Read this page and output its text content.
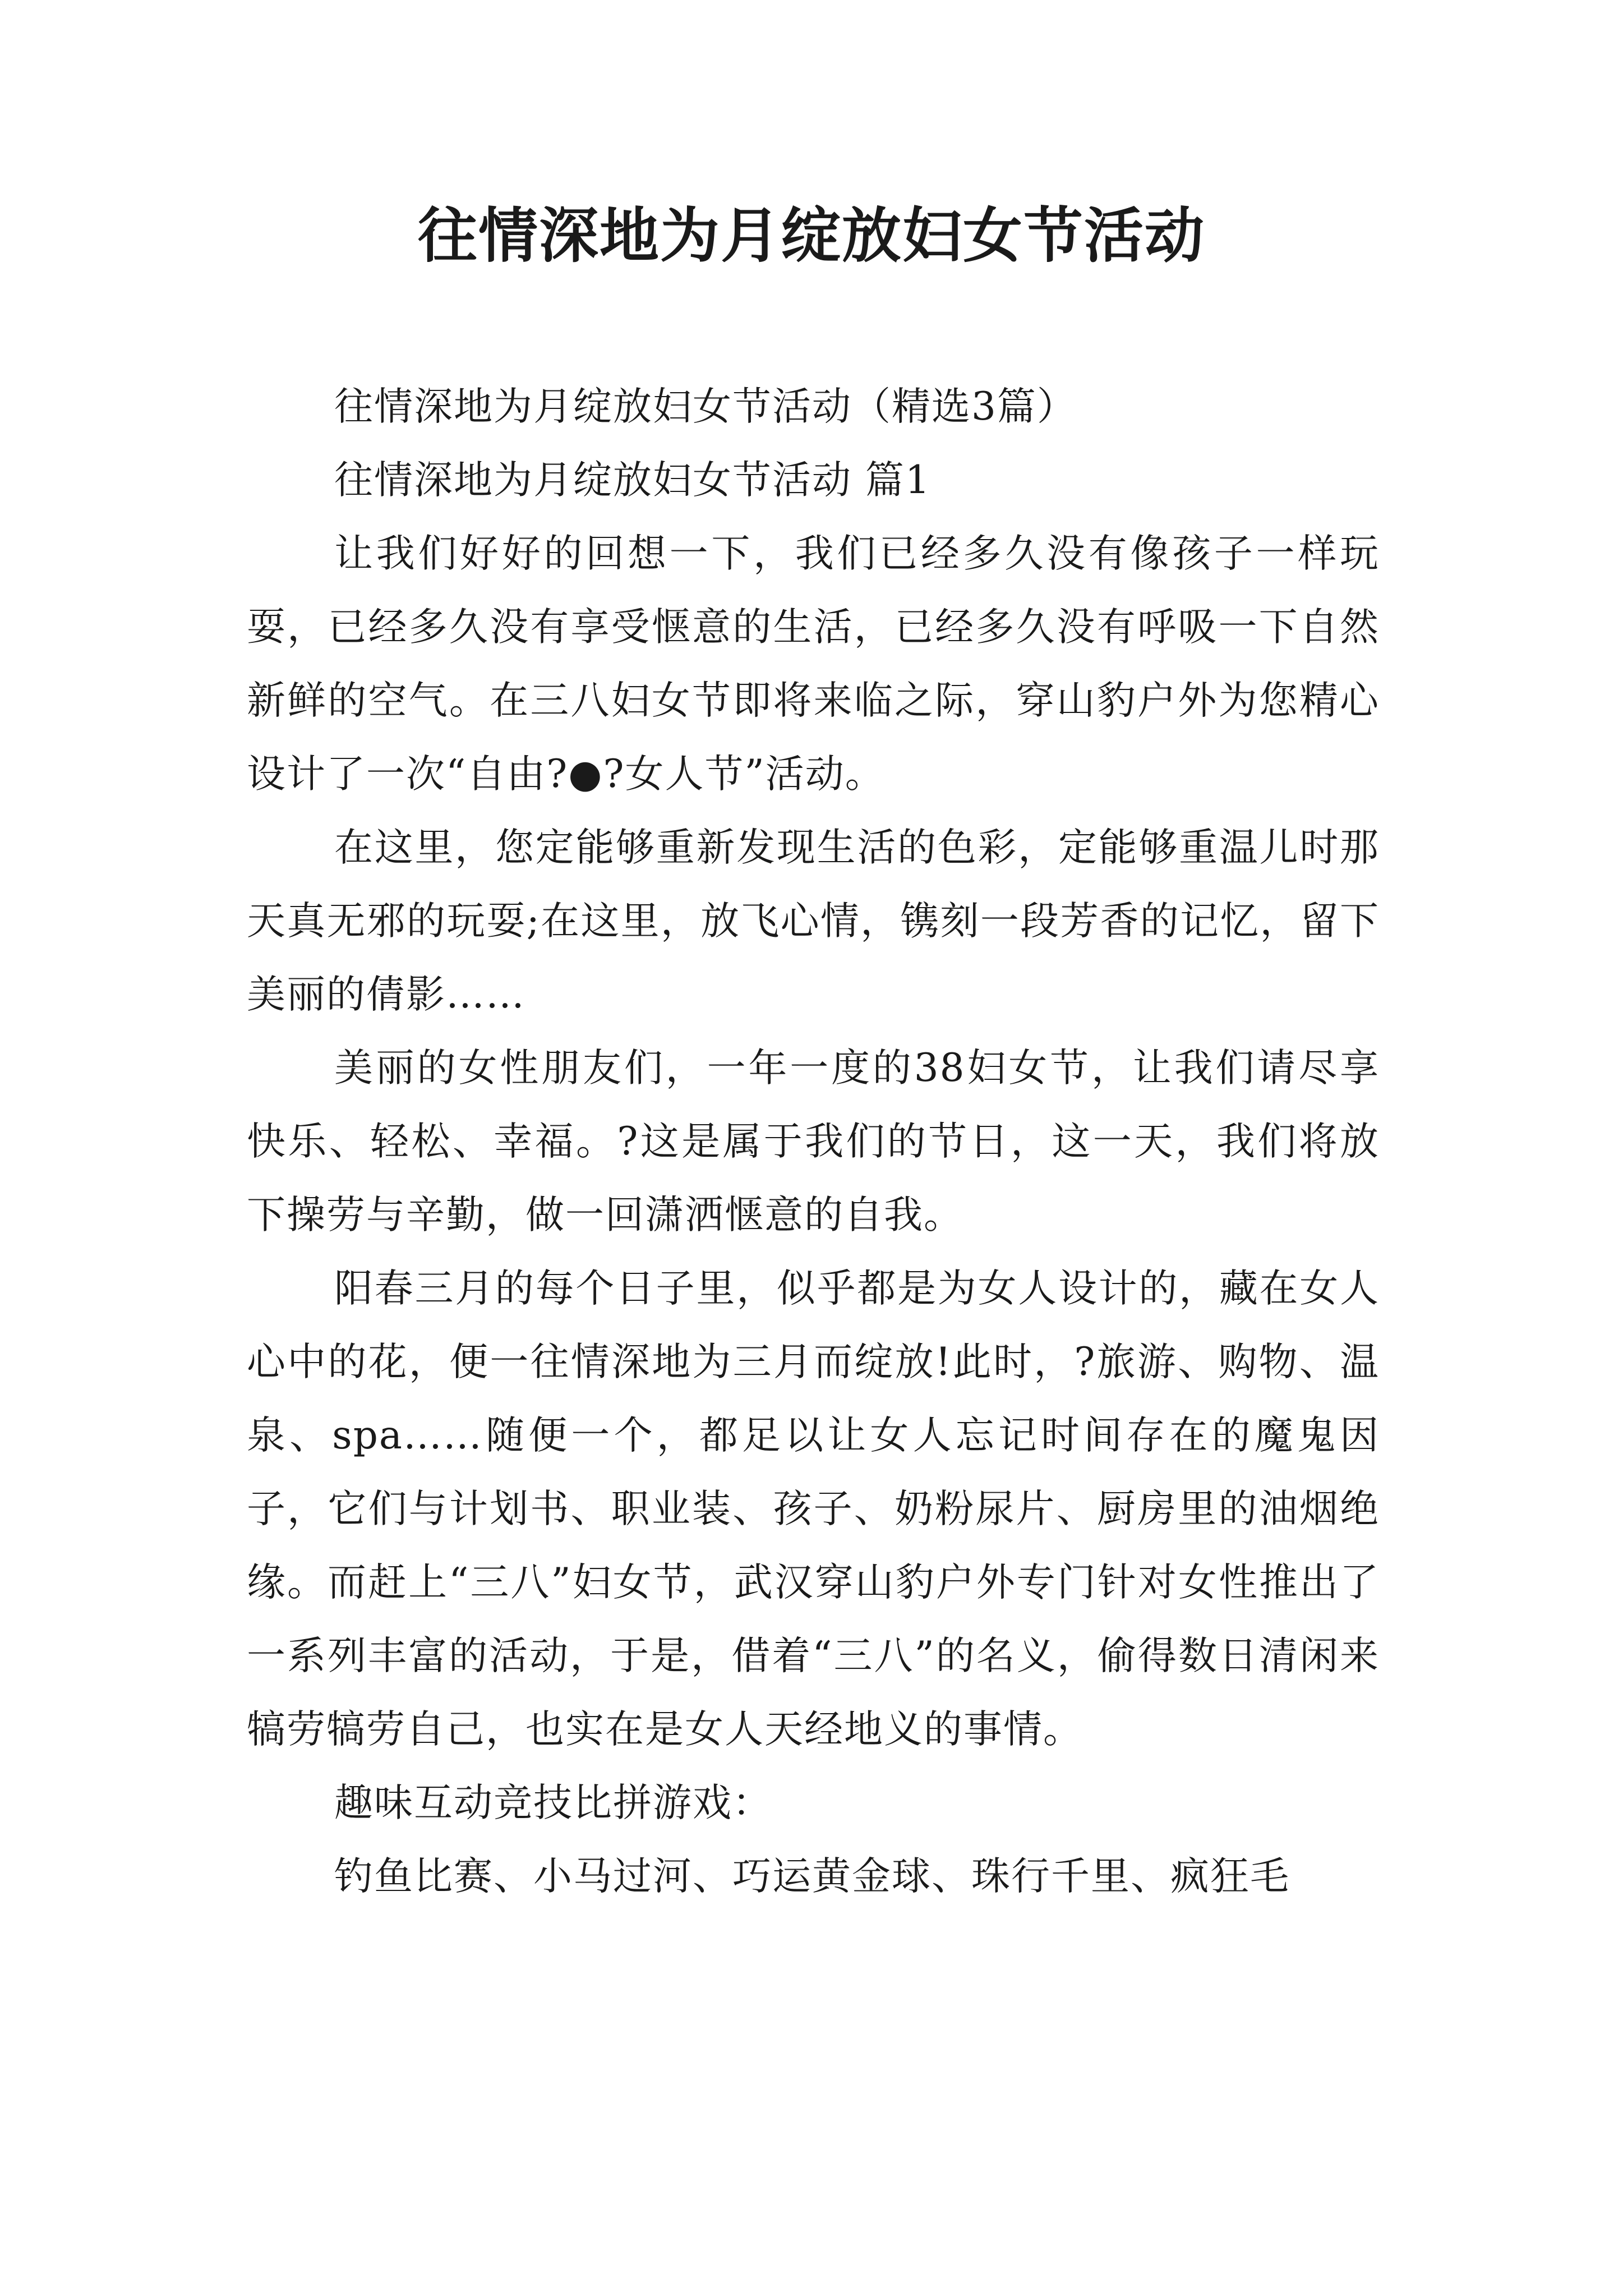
往情深地为月绽放妇女节活动

往情深地为月绽放妇女节活动（精选3篇）

往情深地为月绽放妇女节活动 篇1

让我们好好的回想一下，我们已经多久没有像孩子一样玩耍，已经多久没有享受惬意的生活，已经多久没有呼吸一下自然新鲜的空气。在三八妇女节即将来临之际，穿山豹户外为您精心设计了一次“自由?●?女人节”活动。

在这里，您定能够重新发现生活的色彩，定能够重温儿时那天真无邪的玩耍;在这里，放飞心情，镌刻一段芳香的记忆，留下美丽的倩影……

美丽的女性朋友们，一年一度的38妇女节，让我们请尽享快乐、轻松、幸福。?这是属于我们的节日，这一天，我们将放下操劳与辛勤，做一回潇洒惬意的自我。

阳春三月的每个日子里，似乎都是为女人设计的，藏在女人心中的花，便一往情深地为三月而绽放!此时，?旅游、购物、温泉、spa……随便一个，都足以让女人忘记时间存在的魔鬼因子，它们与计划书、职业装、孩子、奶粉尿片、厨房里的油烟绝缘。而赶上“三八”妇女节，武汉穿山豹户外专门针对女性推出了一系列丰富的活动，于是，借着“三八”的名义，偷得数日清闲来犒劳犒劳自己，也实在是女人天经地义的事情。

趣味互动竞技比拼游戏：

钓鱼比赛、小马过河、巧运黄金球、珠行千里、疯狂毛
